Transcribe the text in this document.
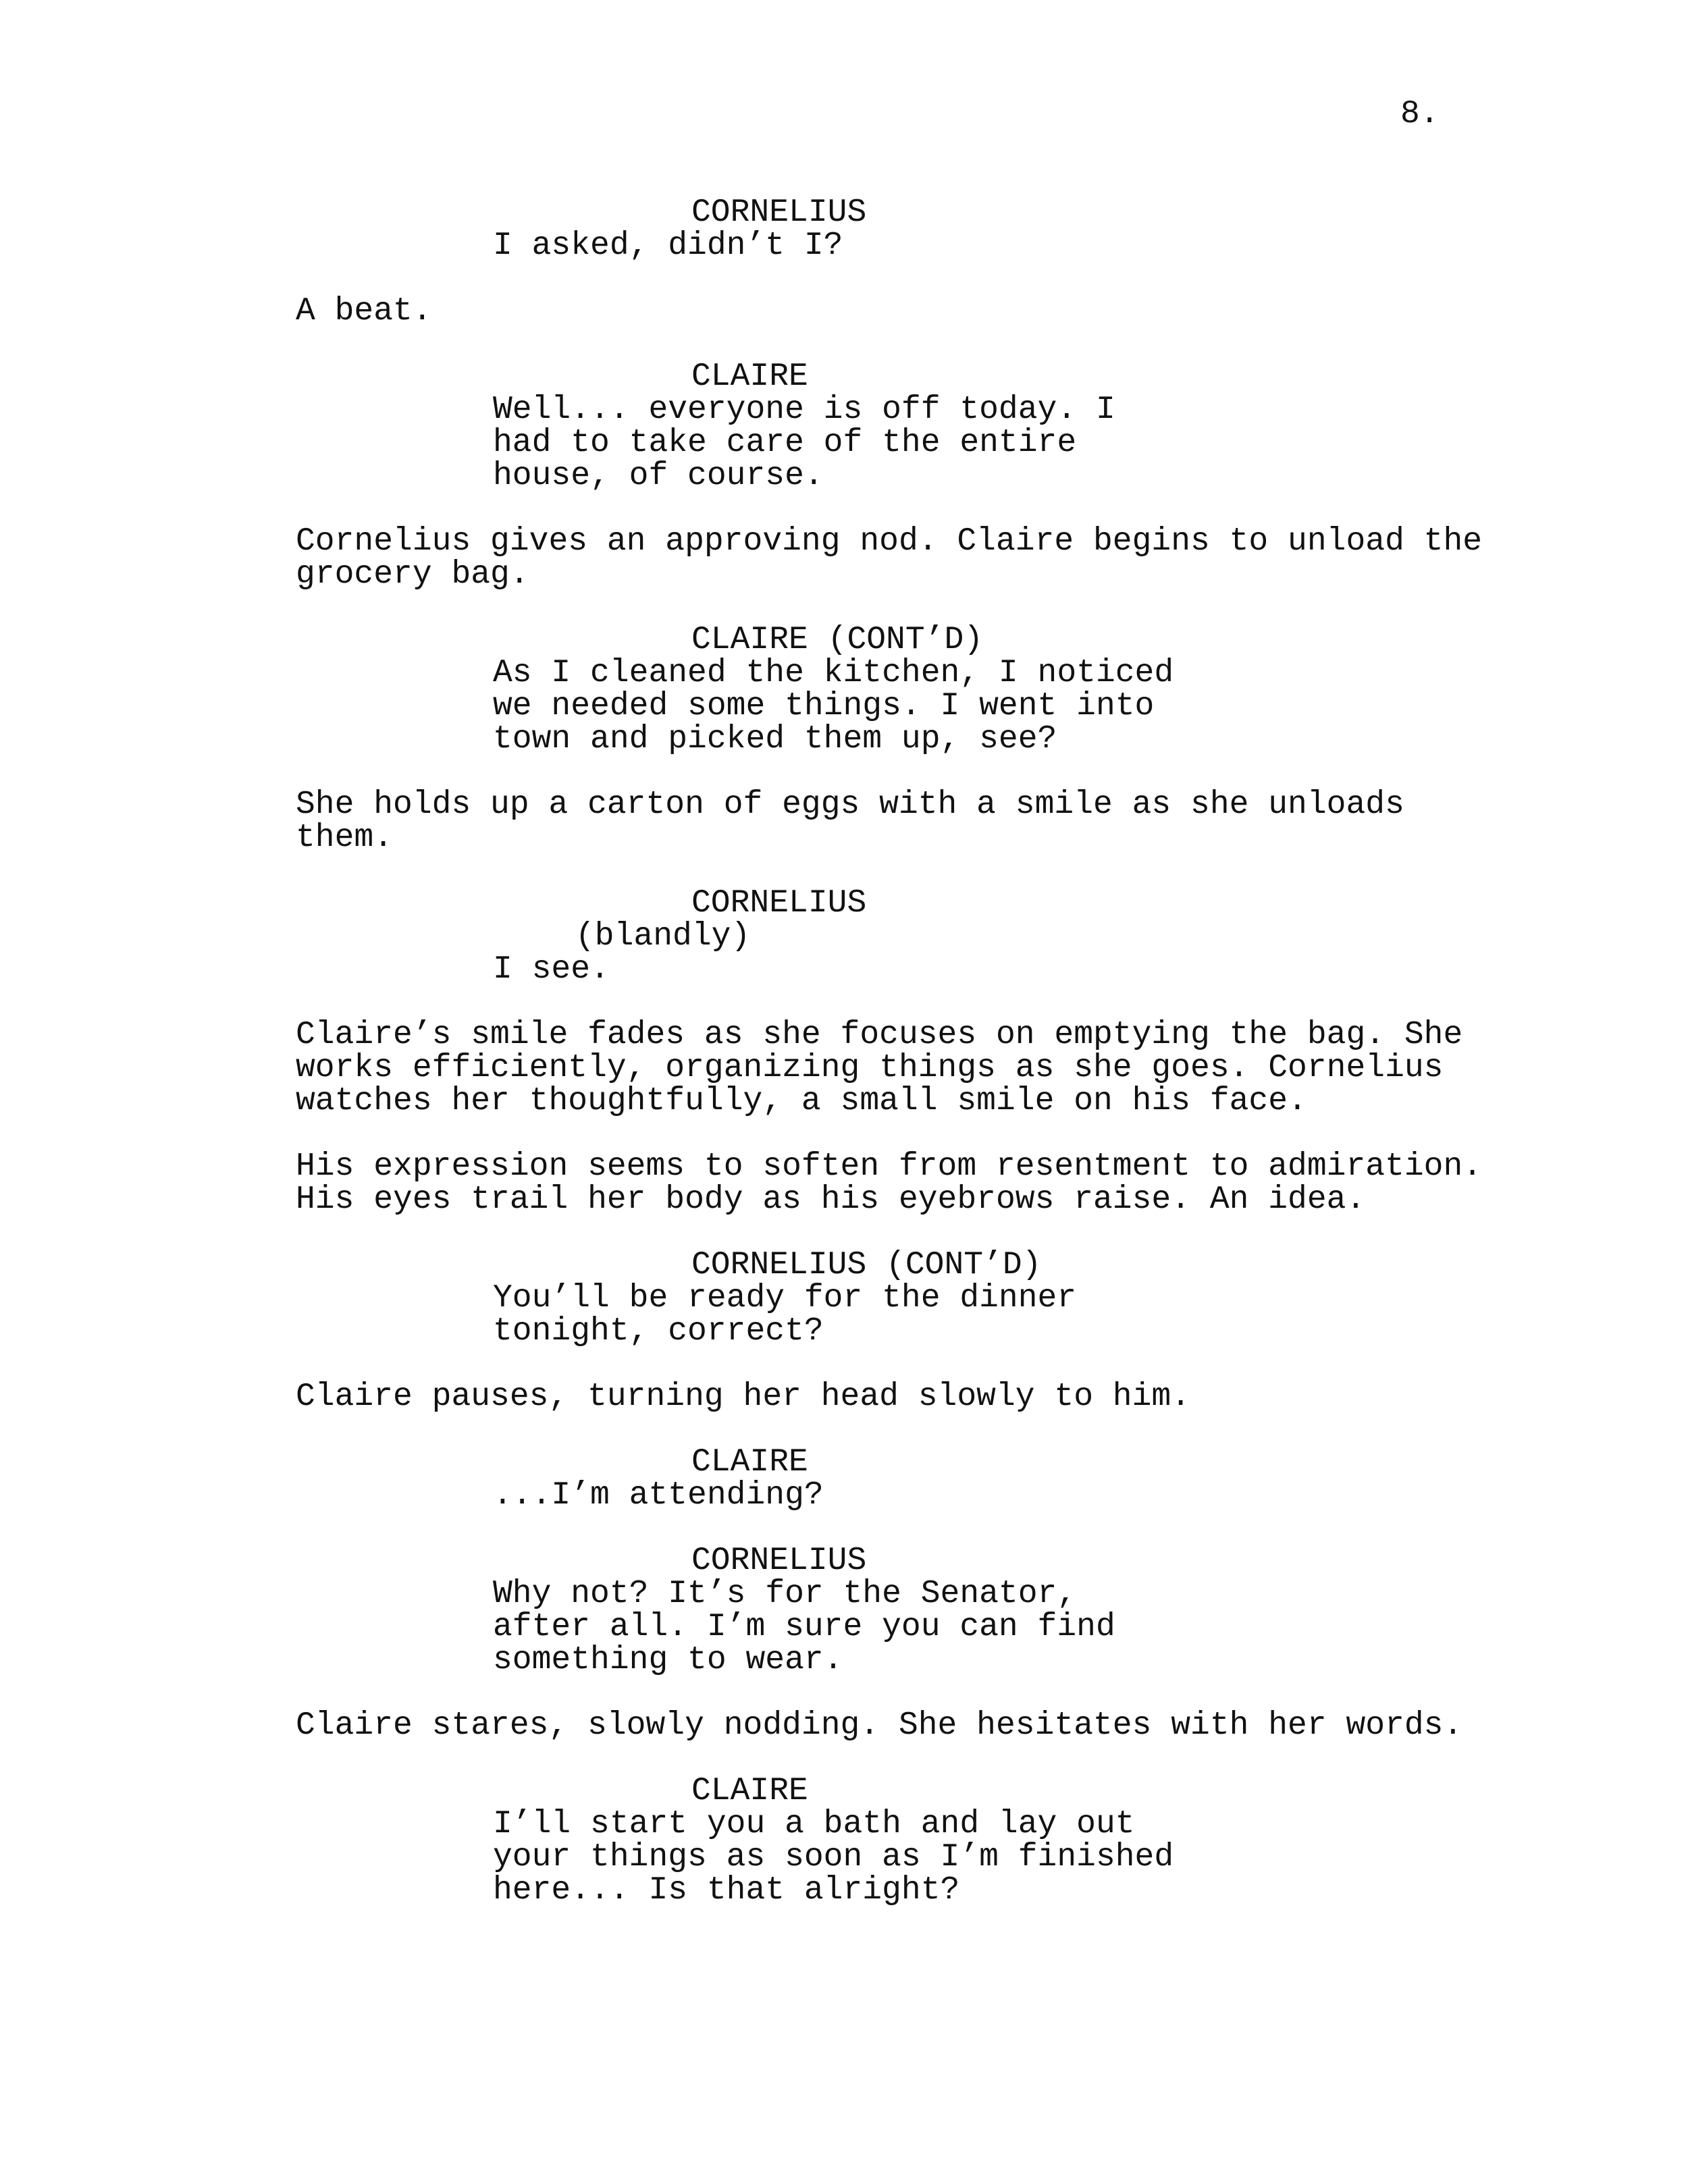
8.
CORNELIUS
I asked, didn’t I?
A beat.
CLAIRE
Well... everyone is off today. I
had to take care of the entire
house, of course.
Cornelius gives an approving nod. Claire begins to unload the
grocery bag.
CLAIRE (CONT’D)
As I cleaned the kitchen, I noticed
we needed some things. I went into
town and picked them up, see?
She holds up a carton of eggs with a smile as she unloads
them.
CORNELIUS
(blandly)
I see.
Claire’s smile fades as she focuses on emptying the bag. She
works efficiently, organizing things as she goes. Cornelius
watches her thoughtfully, a small smile on his face.
His expression seems to soften from resentment to admiration.
His eyes trail her body as his eyebrows raise. An idea.
CORNELIUS (CONT’D)
You’ll be ready for the dinner
tonight, correct?
Claire pauses, turning her head slowly to him.
CLAIRE
...I’m attending?
CORNELIUS
Why not? It’s for the Senator,
after all. I’m sure you can find
something to wear.
Claire stares, slowly nodding. She hesitates with her words.
CLAIRE
I’ll start you a bath and lay out
your things as soon as I’m finished
here... Is that alright?
